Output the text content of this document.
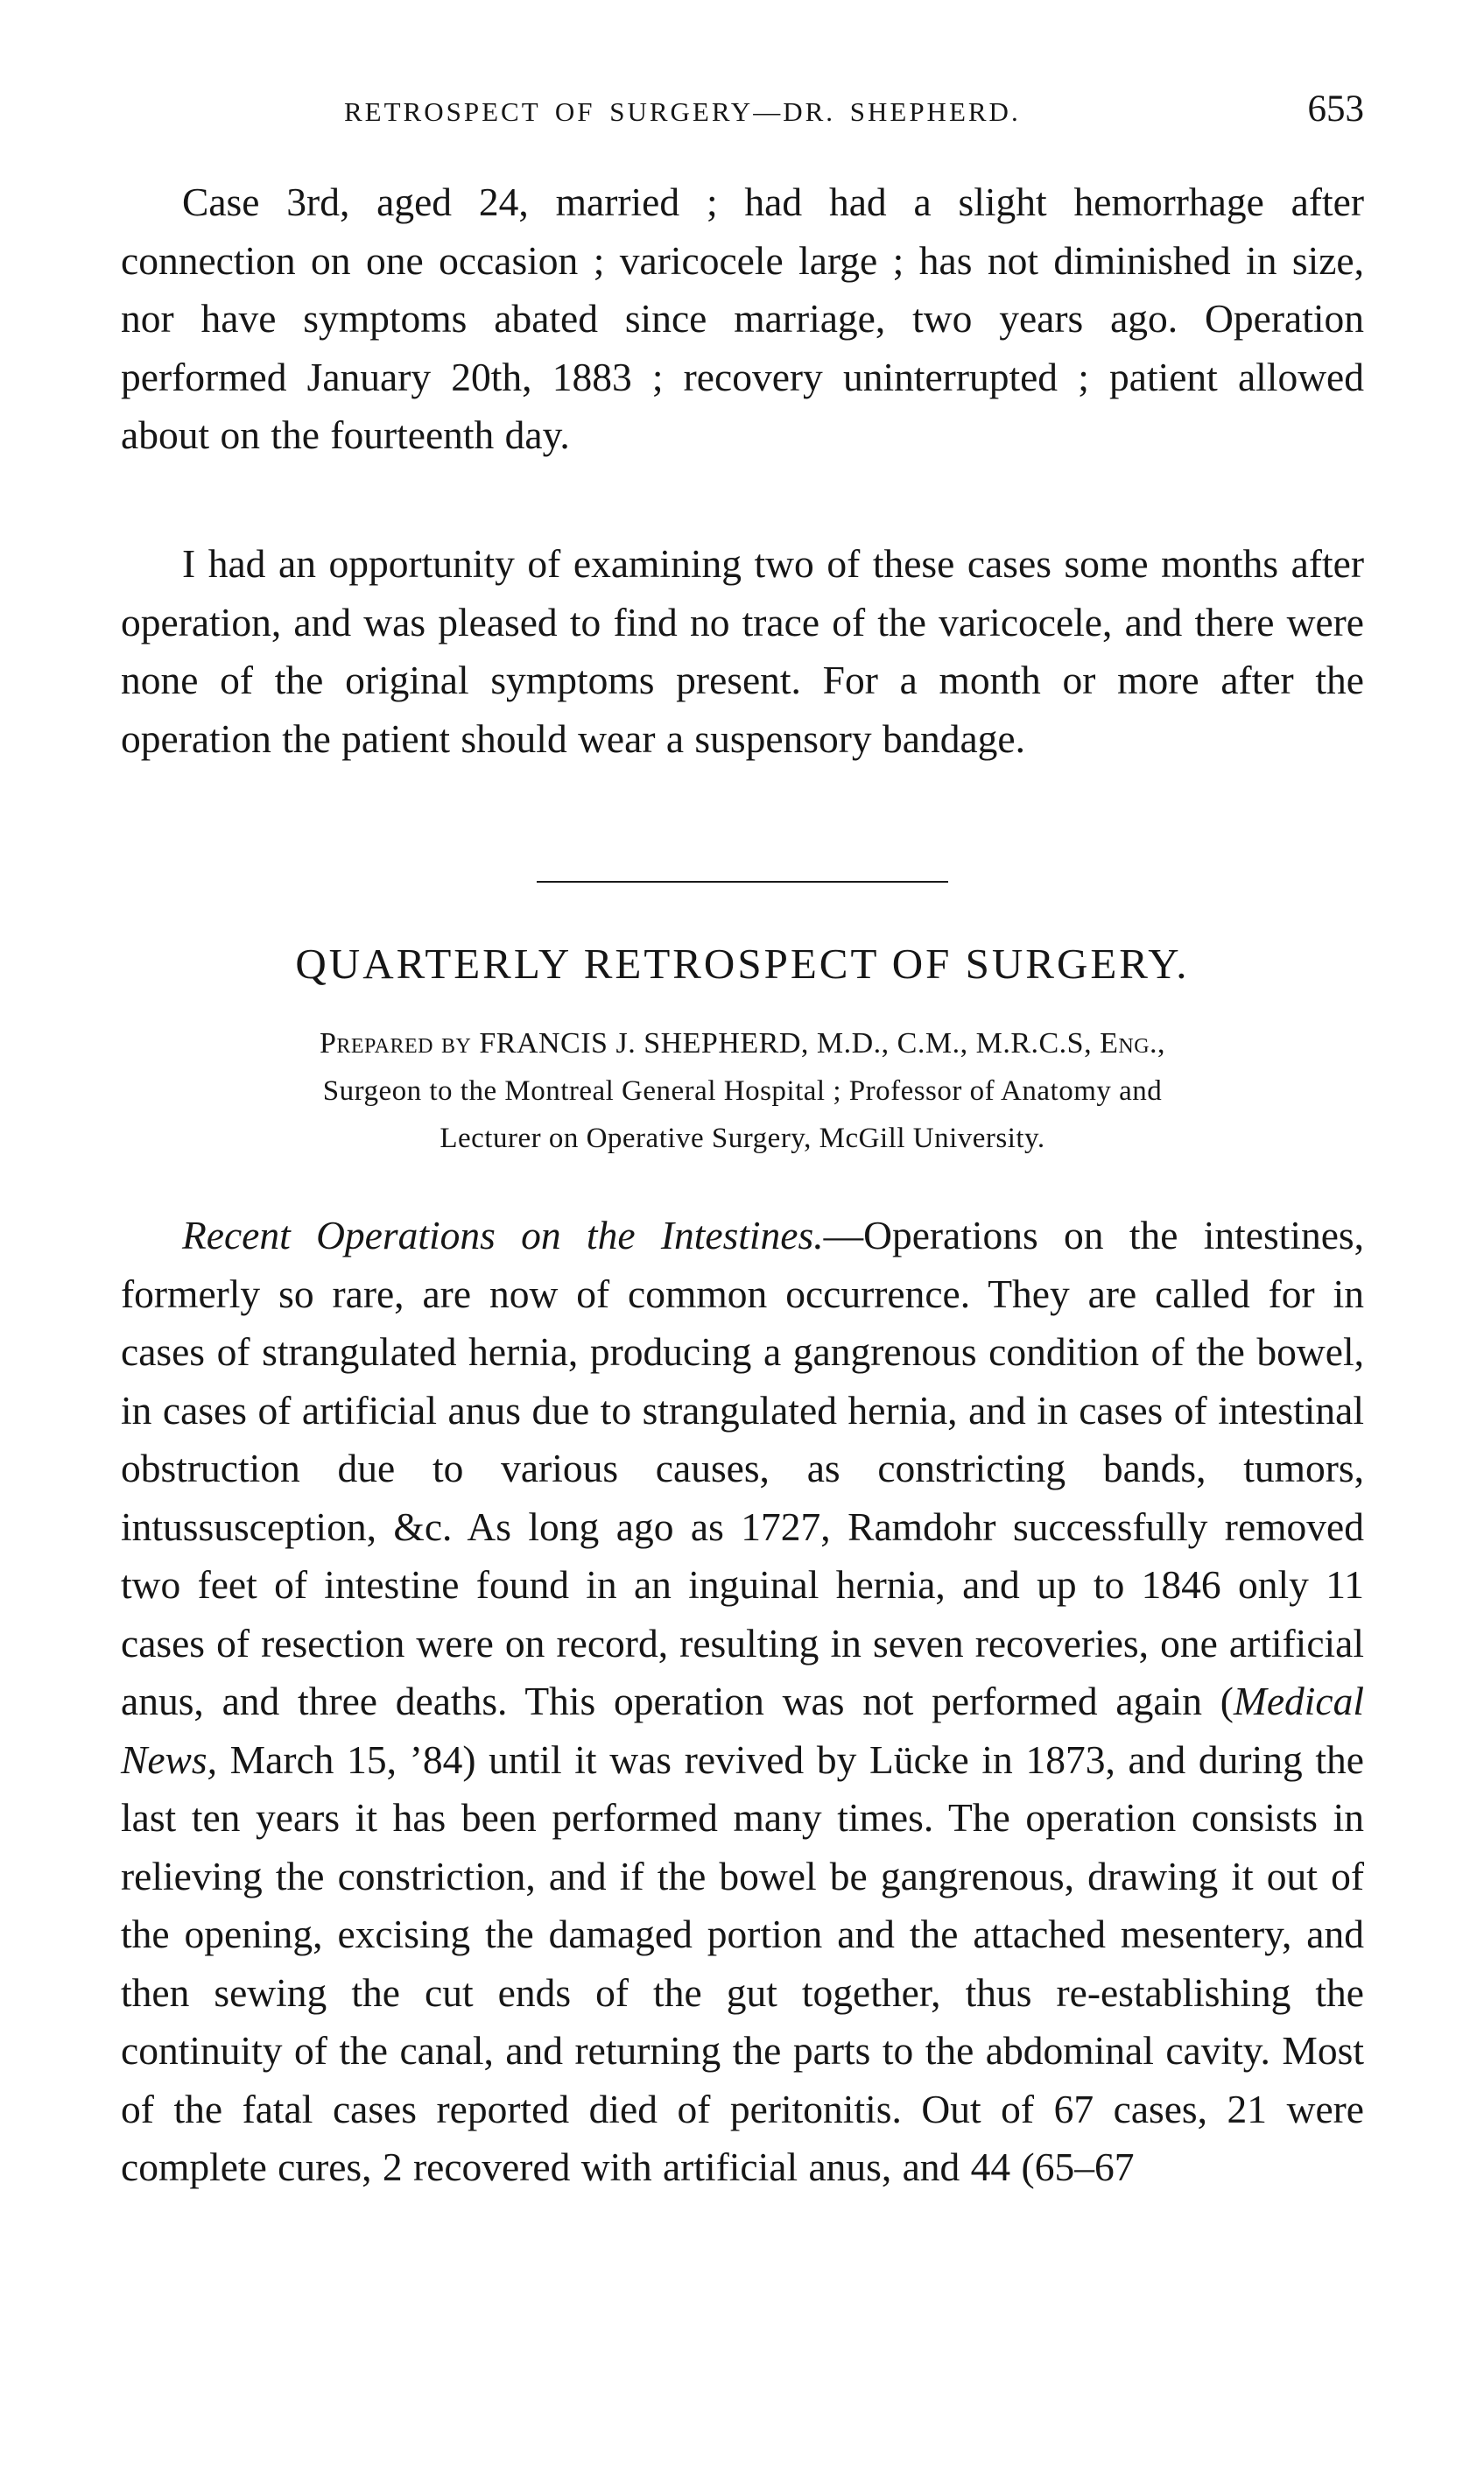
RETROSPECT OF SURGERY—DR. SHEPHERD.	653

Case 3rd, aged 24, married ; had had a slight hemorrhage after connection on one occasion ; varicocele large ; has not diminished in size, nor have symptoms abated since marriage, two years ago. Operation performed January 20th, 1883 ; recovery uninterrupted ; patient allowed about on the fourteenth day.

I had an opportunity of examining two of these cases some months after operation, and was pleased to find no trace of the varicocele, and there were none of the original symptoms present. For a month or more after the operation the patient should wear a suspensory bandage.

QUARTERLY RETROSPECT OF SURGERY.
Prepared by FRANCIS J. SHEPHERD, M.D., C.M., M.R.C.S, Eng.,
Surgeon to the Montreal General Hospital ; Professor of Anatomy and
Lecturer on Operative Surgery, McGill University.

Recent Operations on the Intestines.—Operations on the intestines, formerly so rare, are now of common occurrence. They are called for in cases of strangulated hernia, producing a gangrenous condition of the bowel, in cases of artificial anus due to strangulated hernia, and in cases of intestinal obstruction due to various causes, as constricting bands, tumors, intussusception, &c. As long ago as 1727, Ramdohr successfully removed two feet of intestine found in an inguinal hernia, and up to 1846 only 11 cases of resection were on record, resulting in seven recoveries, one artificial anus, and three deaths. This operation was not performed again (Medical News, March 15, ’84) until it was revived by Lücke in 1873, and during the last ten years it has been performed many times. The operation consists in relieving the constriction, and if the bowel be gangrenous, drawing it out of the opening, excising the damaged portion and the attached mesentery, and then sewing the cut ends of the gut together, thus re-establishing the continuity of the canal, and returning the parts to the abdominal cavity. Most of the fatal cases reported died of peritonitis. Out of 67 cases, 21 were complete cures, 2 recovered with artificial anus, and 44 (65–67
